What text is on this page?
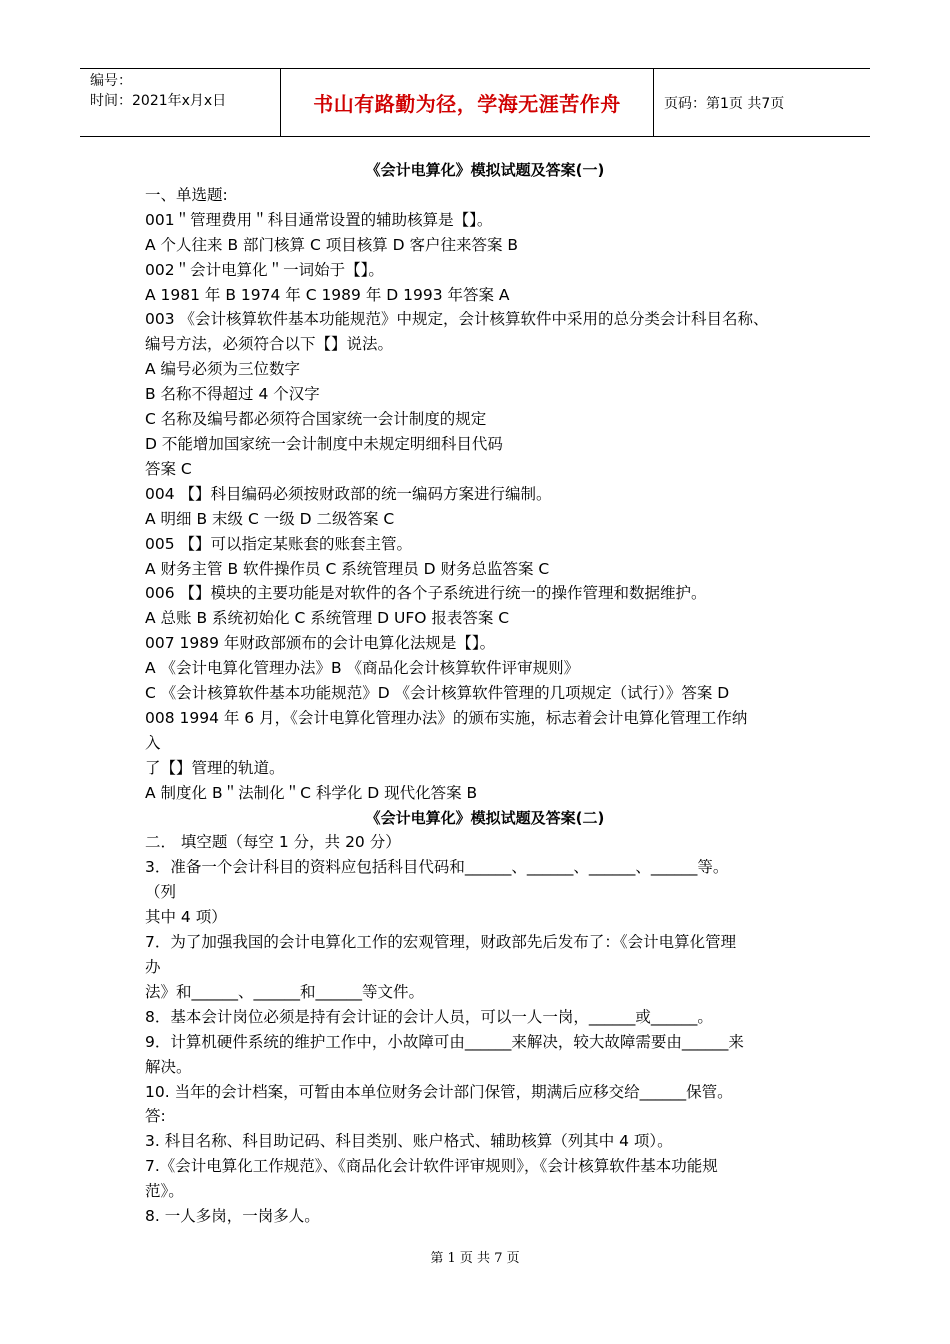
编号：
时间：2021年x月x日	书山有路勤为径，学海无涯苦作舟	页码：第1页 共7页

《会计电算化》模拟试题及答案(一)

一、单选题:

001＂管理费用＂科目通常设置的辅助核算是【】。

A 个人往来 B 部门核算 C 项目核算 D 客户往来答案 B

002＂会计电算化＂一词始于【】。

A 1981 年 B 1974 年 C 1989 年 D 1993 年答案 A

003 《会计核算软件基本功能规范》中规定，会计核算软件中采用的总分类会计科目名称、

编号方法，必须符合以下【】说法。

A 编号必须为三位数字

B 名称不得超过 4 个汉字

C 名称及编号都必须符合国家统一会计制度的规定

D 不能增加国家统一会计制度中未规定明细科目代码

答案 C

004 【】科目编码必须按财政部的统一编码方案进行编制。

A 明细 B 末级 C 一级 D 二级答案 C

005 【】可以指定某账套的账套主管。

A 财务主管 B 软件操作员 C 系统管理员 D 财务总监答案 C

006 【】模块的主要功能是对软件的各个子系统进行统一的操作管理和数据维护。

A 总账 B 系统初始化 C 系统管理 D UFO 报表答案 C

007 1989 年财政部颁布的会计电算化法规是【】。

A 《会计电算化管理办法》B 《商品化会计核算软件评审规则》

C 《会计核算软件基本功能规范》D 《会计核算软件管理的几项规定（试行）》答案 D

008 1994 年 6 月，《会计电算化管理办法》的颁布实施，标志着会计电算化管理工作纳

入

了【】管理的轨道。

A 制度化 B＂法制化＂C 科学化 D 现代化答案 B

《会计电算化》模拟试题及答案(二)

二． 填空题（每空 1 分，共 20 分）

3．准备一个会计科目的资料应包括科目代码和______、______、______、______等。

（列

其中 4 项）

7．为了加强我国的会计电算化工作的宏观管理，财政部先后发布了：《会计电算化管理

办

法》和______、______和______等文件。

8．基本会计岗位必须是持有会计证的会计人员，可以一人一岗，______或______。

9．计算机硬件系统的维护工作中，小故障可由______来解决，较大故障需要由______来

解决。

10. 当年的会计档案，可暂由本单位财务会计部门保管，期满后应移交给______保管。

答:

3. 科目名称、科目助记码、科目类别、账户格式、辅助核算（列其中 4 项）。

7.《会计电算化工作规范》、《商品化会计软件评审规则》，《会计核算软件基本功能规

范》。

8. 一人多岗，一岗多人。

第 1 页 共 7 页
